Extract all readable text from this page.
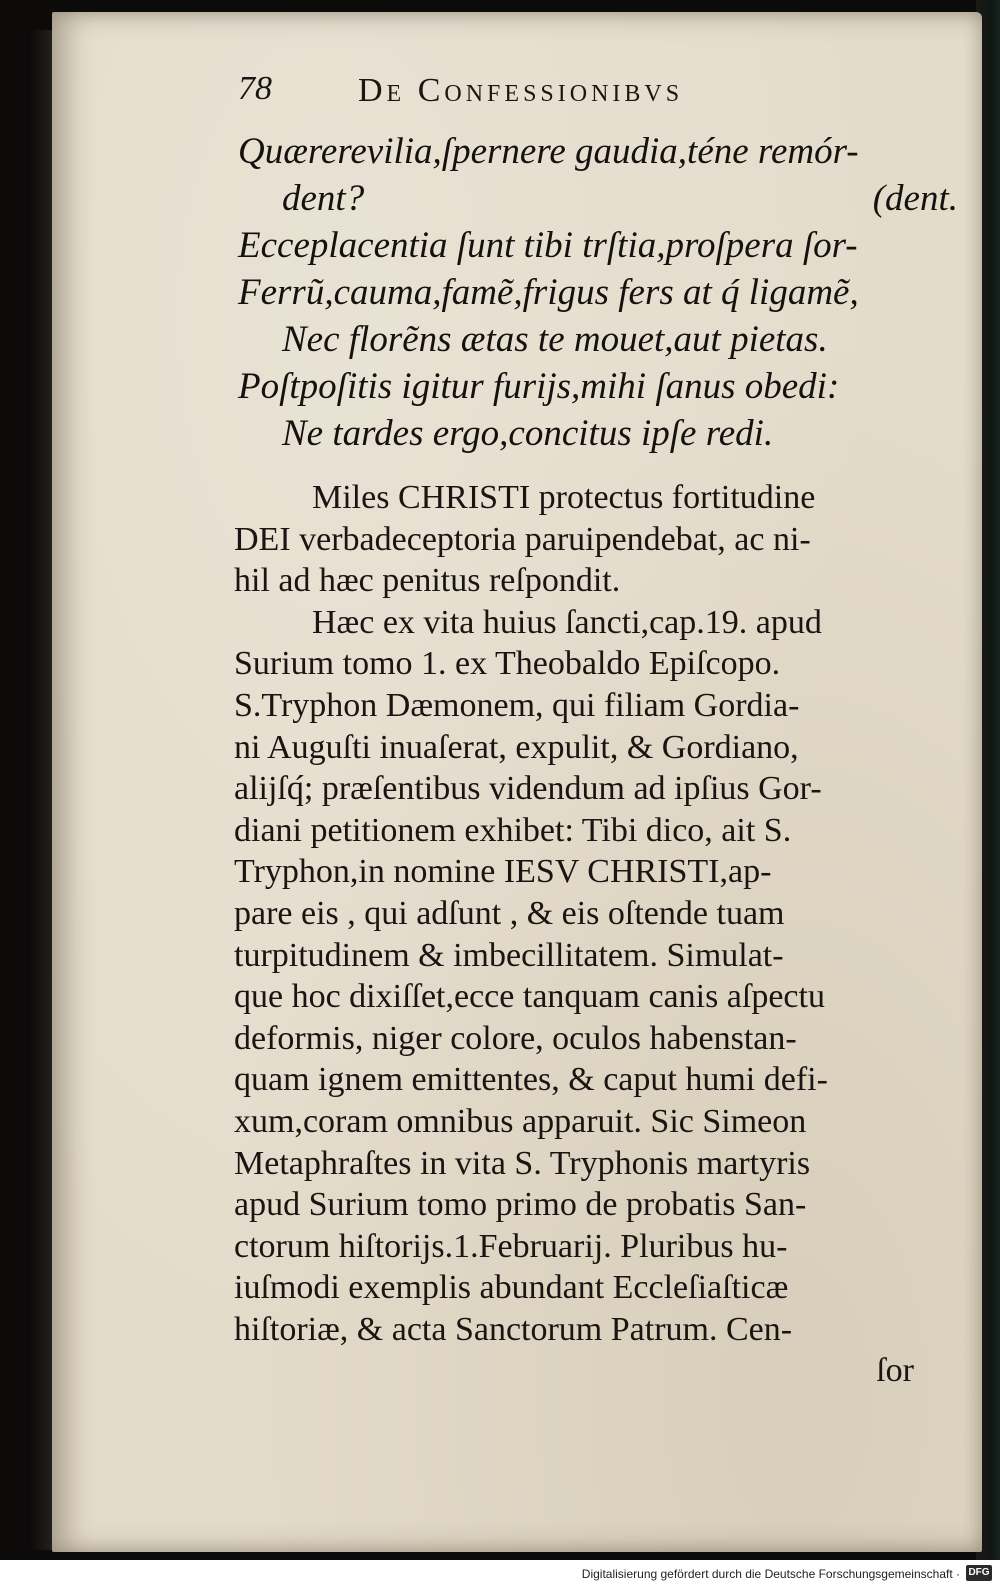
78	De Confessionibvs
Quærerevilia,ſpernere gaudia,téne remór-
dent?	(dent.
Ecceplacentia ſunt tibi trſtia,proſpera ſor-
Ferrũ,cauma,famẽ,frigus fers at q́ ligamẽ,
Nec florẽns ætas te mouet,aut pietas.
Poſtpoſitis igitur furijs,mihi ſanus obedi:
Ne tardes ergo,concitus ipſe redi.
Miles CHRISTI protectus fortitudine
DEI verbadeceptoria paruipendebat, ac ni-
hil ad hæc penitus reſpondit.
Hæc ex vita huius ſancti,cap.19. apud
Surium tomo 1. ex Theobaldo Epiſcopo.
S.Tryphon Dæmonem, qui filiam Gordia-
ni Auguſti inuaſerat, expulit, & Gordiano,
alijſq́; præſentibus videndum ad ipſius Gor-
diani petitionem exhibet: Tibi dico, ait S.
Tryphon,in nomine IESV CHRISTI,ap-
pare eis , qui adſunt , & eis oſtende tuam
turpitudinem & imbecillitatem. Simulat-
que hoc dixiſſet,ecce tanquam canis aſpectu
deformis, niger colore, oculos habenstan-
quam ignem emittentes, & caput humi defi-
xum,coram omnibus apparuit. Sic Simeon
Metaphraſtes in vita S. Tryphonis martyris
apud Surium tomo primo de probatis San-
ctorum hiſtorijs.1.Februarij. Pluribus hu-
iuſmodi exemplis abundant Eccleſiaſticæ
hiſtoriæ, & acta Sanctorum Patrum. Cen-
ſor
Digitalisierung gefördert durch die Deutsche Forschungsgemeinschaft · DFG
